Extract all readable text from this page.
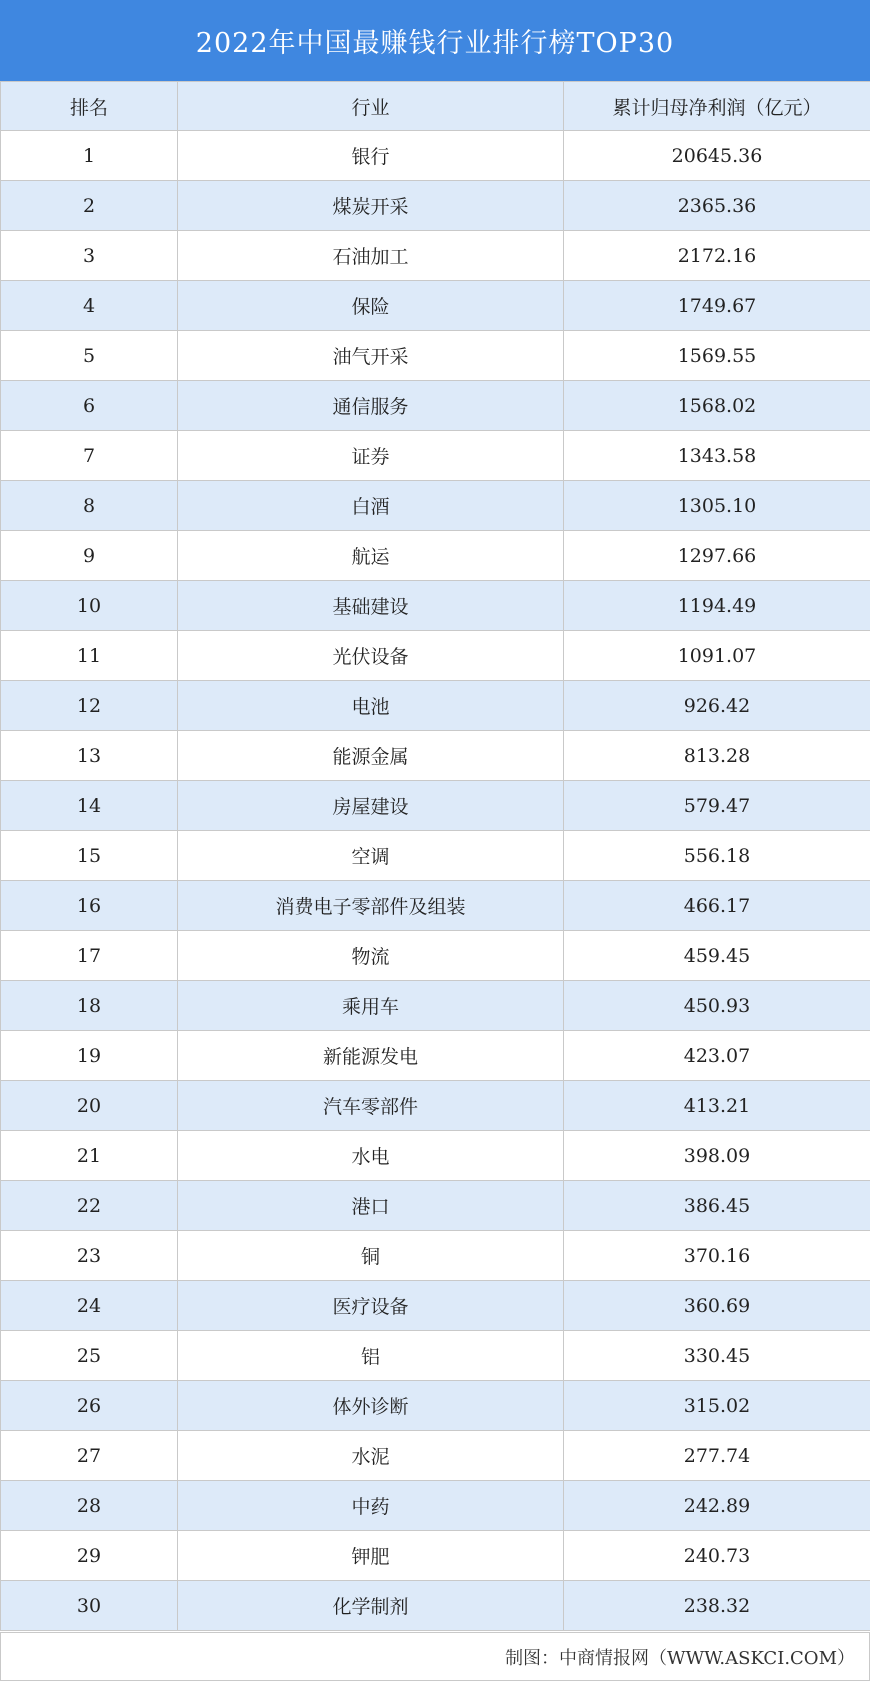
2022年中国最赚钱行业排行榜TOP30
排名	行业	累计归母净利润（亿元）
1	银行	20645.36
2	煤炭开采	2365.36
3	石油加工	2172.16
4	保险	1749.67
5	油气开采	1569.55
6	通信服务	1568.02
7	证券	1343.58
8	白酒	1305.10
9	航运	1297.66
10	基础建设	1194.49
11	光伏设备	1091.07
12	电池	926.42
13	能源金属	813.28
14	房屋建设	579.47
15	空调	556.18
16	消费电子零部件及组装	466.17
17	物流	459.45
18	乘用车	450.93
19	新能源发电	423.07
20	汽车零部件	413.21
21	水电	398.09
22	港口	386.45
23	铜	370.16
24	医疗设备	360.69
25	铝	330.45
26	体外诊断	315.02
27	水泥	277.74
28	中药	242.89
29	钾肥	240.73
30	化学制剂	238.32
制图：中商情报网（WWW.ASKCI.COM）
